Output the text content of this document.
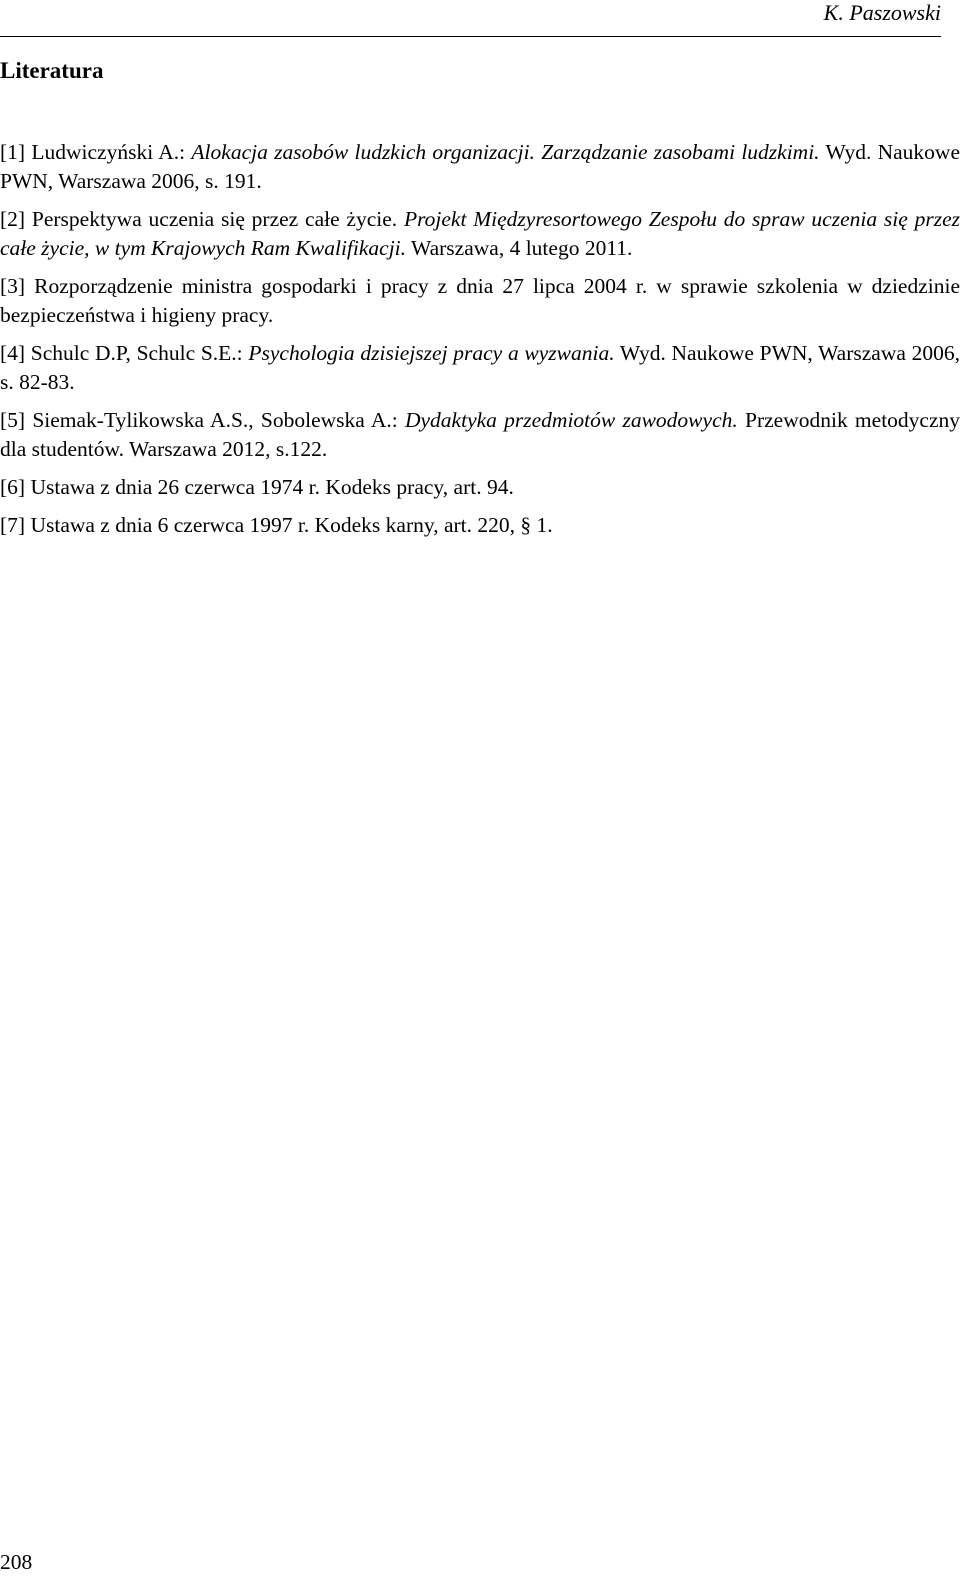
K. Paszowski
Literatura
[1] Ludwiczyński A.: Alokacja zasobów ludzkich organizacji. Zarządzanie zasobami ludzkimi. Wyd. Naukowe PWN, Warszawa 2006, s. 191.
[2] Perspektywa uczenia się przez całe życie. Projekt Międzyresortowego Zespołu do spraw uczenia się przez całe życie, w tym Krajowych Ram Kwalifikacji. Warszawa, 4 lutego 2011.
[3] Rozporządzenie ministra gospodarki i pracy z dnia 27 lipca 2004 r. w sprawie szkolenia w dziedzinie bezpieczeństwa i higieny pracy.
[4] Schulc D.P, Schulc S.E.: Psychologia dzisiejszej pracy a wyzwania. Wyd. Naukowe PWN, Warszawa 2006, s. 82-83.
[5] Siemak-Tylikowska A.S., Sobolewska A.: Dydaktyka przedmiotów zawodowych. Przewodnik metodyczny dla studentów. Warszawa 2012, s.122.
[6] Ustawa z dnia 26 czerwca 1974 r. Kodeks pracy, art. 94.
[7] Ustawa z dnia 6 czerwca 1997 r. Kodeks karny, art. 220, § 1.
208
